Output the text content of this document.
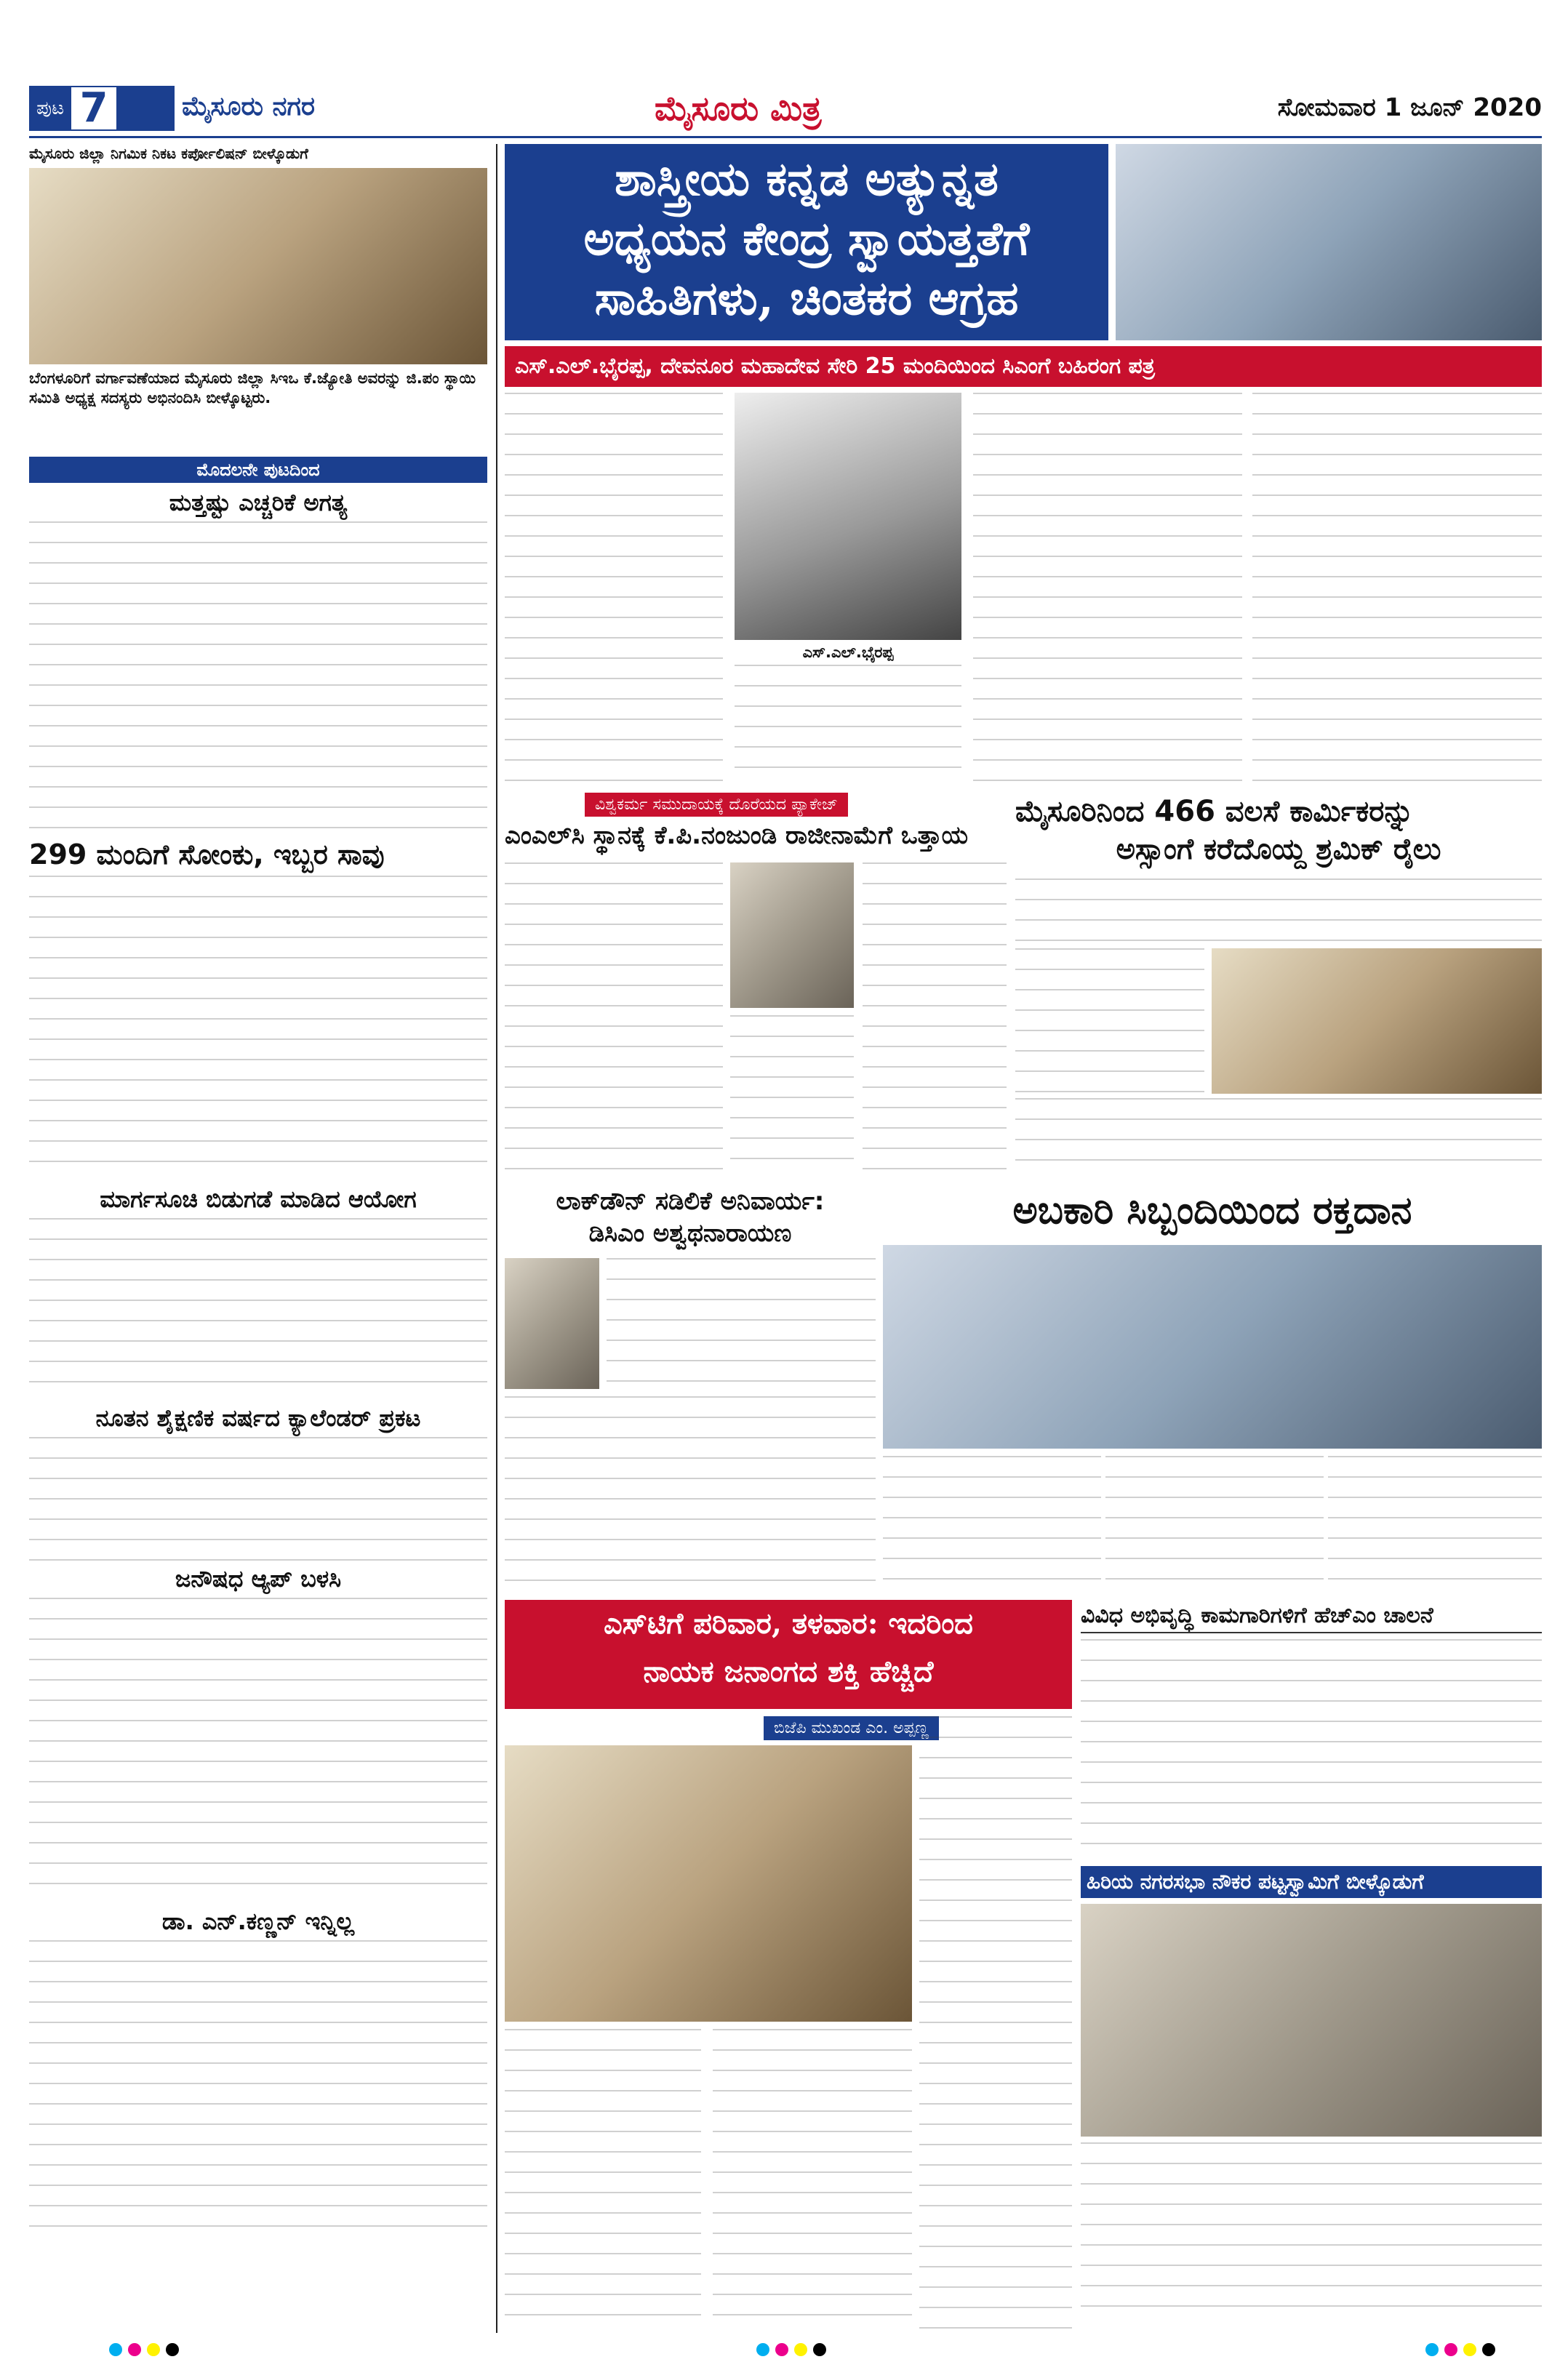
ಪುಟ 7	ಮೈಸೂರು ನಗರ	ಮೈಸೂರು ಮಿತ್ರ	ಸೋಮವಾರ 1 ಜೂನ್ 2020
ಮೈಸೂರು ಜಿಲ್ಲಾ ನಿಗಮಿಕ ನಿಕಟ ಕರ್ಪೋಲಿಷನ್ ಬೀಳ್ಕೊಡುಗೆ
ಬೆಂಗಳೂರಿಗೆ ವರ್ಗಾವಣೆಯಾದ ಮೈಸೂರು ಜಿಲ್ಲಾ ಸಿಇಒ ಕೆ.ಜ್ಯೋತಿ ಅವರನ್ನು ಜಿ.ಪಂ ಸ್ಥಾಯಿ ಸಮಿತಿ ಅಧ್ಯಕ್ಷ ಸದಸ್ಯರು ಅಭಿನಂದಿಸಿ ಬೀಳ್ಕೊಟ್ಟರು.
ಮೊದಲನೇ ಪುಟದಿಂದ
ಮತ್ತಷ್ಟು ಎಚ್ಚರಿಕೆ ಅಗತ್ಯ
299 ಮಂದಿಗೆ ಸೋಂಕು, ಇಬ್ಬರ ಸಾವು
ಮಾರ್ಗಸೂಚಿ ಬಿಡುಗಡೆ ಮಾಡಿದ ಆಯೋಗ
ನೂತನ ಶೈಕ್ಷಣಿಕ ವರ್ಷದ ಕ್ಯಾಲೆಂಡರ್ ಪ್ರಕಟ
ಜನೌಷಧ ಆ್ಯಪ್ ಬಳಸಿ
ಡಾ. ಎನ್.ಕಣ್ಣನ್ ಇನ್ನಿಲ್ಲ
ಶಾಸ್ತ್ರೀಯ ಕನ್ನಡ ಅತ್ಯುನ್ನತ
ಅಧ್ಯಯನ ಕೇಂದ್ರ ಸ್ವಾಯತ್ತತೆಗೆ
ಸಾಹಿತಿಗಳು, ಚಿಂತಕರ ಆಗ್ರಹ
ಎಸ್.ಎಲ್.ಭೈರಪ್ಪ, ದೇವನೂರ ಮಹಾದೇವ ಸೇರಿ 25 ಮಂದಿಯಿಂದ ಸಿಎಂಗೆ ಬಹಿರಂಗ ಪತ್ರ
ಎಸ್.ಎಲ್.ಭೈರಪ್ಪ
ವಿಶ್ವಕರ್ಮ ಸಮುದಾಯಕ್ಕೆ ದೊರೆಯದ ಪ್ಯಾಕೇಜ್
ಎಂಎಲ್‌ಸಿ ಸ್ಥಾನಕ್ಕೆ ಕೆ.ಪಿ.ನಂಜುಂಡಿ ರಾಜೀನಾಮೆಗೆ ಒತ್ತಾಯ
ಮೈಸೂರಿನಿಂದ 466 ವಲಸೆ ಕಾರ್ಮಿಕರನ್ನು
ಅಸ್ಸಾಂಗೆ ಕರೆದೊಯ್ದ ಶ್ರಮಿಕ್ ರೈಲು
ಲಾಕ್‌ಡೌನ್ ಸಡಿಲಿಕೆ ಅನಿವಾರ್ಯ:
ಡಿಸಿಎಂ ಅಶ್ವಥನಾರಾಯಣ
ಅಬಕಾರಿ ಸಿಬ್ಬಂದಿಯಿಂದ ರಕ್ತದಾನ
ಎಸ್‌ಟಿಗೆ ಪರಿವಾರ, ತಳವಾರ: ಇದರಿಂದ
ನಾಯಕ ಜನಾಂಗದ ಶಕ್ತಿ ಹೆಚ್ಚಿದೆ
ಬಿಜೆಪಿ ಮುಖಂಡ ಎಂ. ಅಪ್ಪಣ್ಣ
ವಿವಿಧ ಅಭಿವೃದ್ಧಿ ಕಾಮಗಾರಿಗಳಿಗೆ ಹೆಚ್‌ಎಂ ಚಾಲನೆ
ಹಿರಿಯ ನಗರಸಭಾ ನೌಕರ ಪಟ್ಟಸ್ವಾಮಿಗೆ ಬೀಳ್ಕೊಡುಗೆ
